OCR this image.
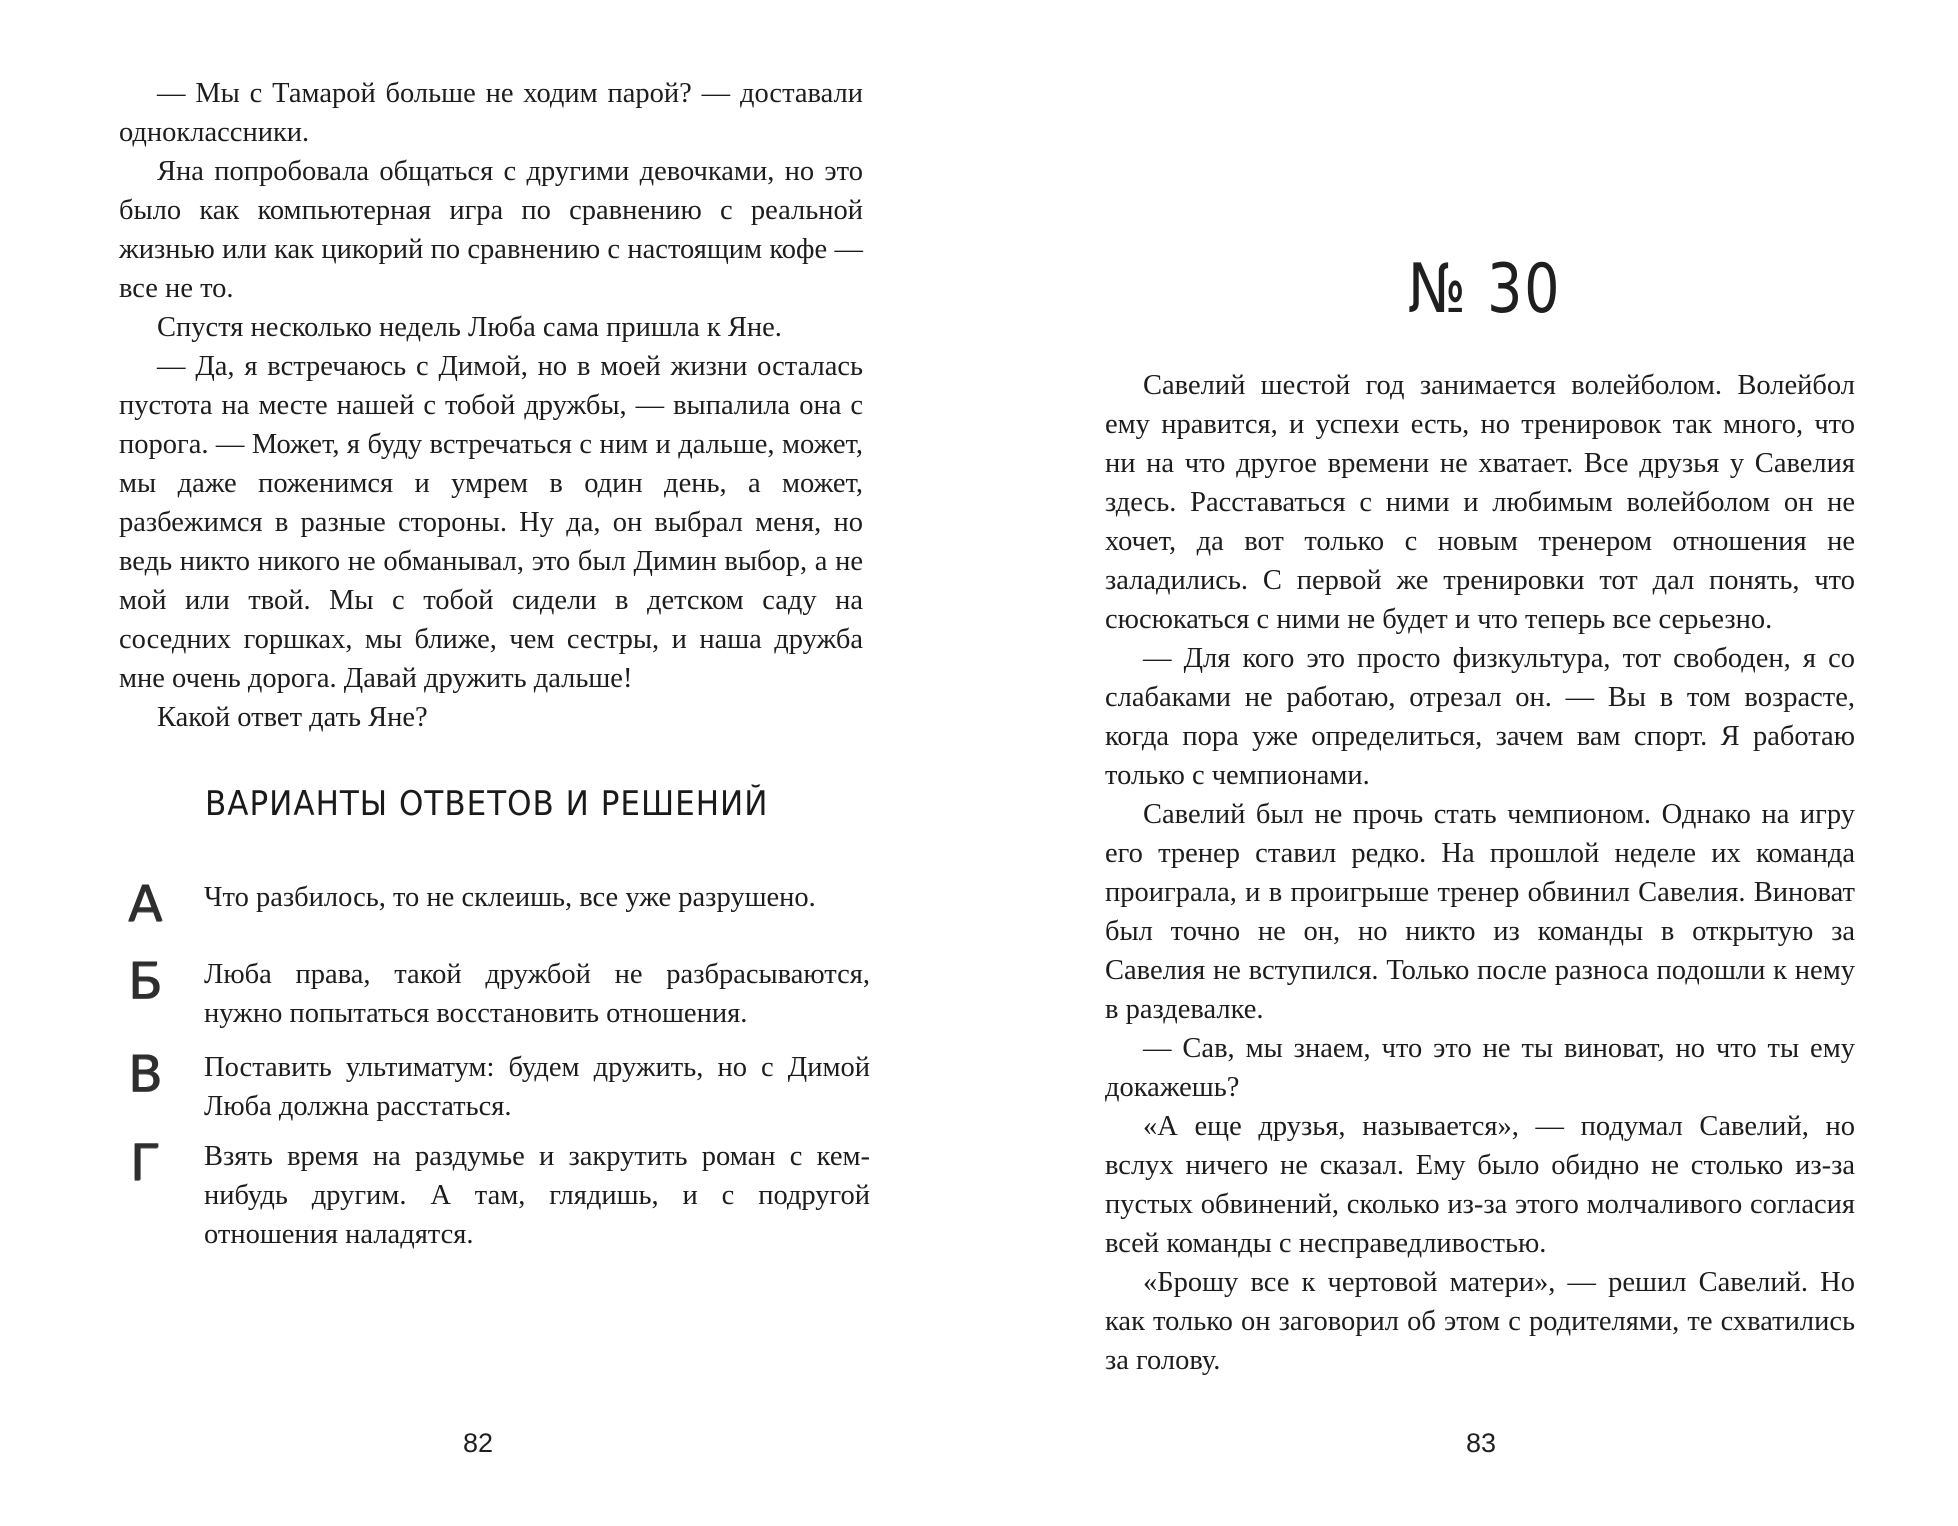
— Мы с Тамарой больше не ходим парой? — доставали одноклассники.

Яна попробовала общаться с другими девочками, но это было как компьютерная игра по сравнению с реальной жизнью или как цикорий по сравнению с настоящим кофе — все не то.

Спустя несколько недель Люба сама пришла к Яне.

— Да, я встречаюсь с Димой, но в моей жизни осталась пустота на месте нашей с тобой дружбы, — выпалила она с порога. — Может, я буду встречаться с ним и дальше, может, мы даже поженимся и умрем в один день, а может, разбежимся в разные стороны. Ну да, он выбрал меня, но ведь никто никого не обманывал, это был Димин выбор, а не мой или твой. Мы с тобой сидели в детском саду на соседних горшках, мы ближе, чем сестры, и наша дружба мне очень дорога. Давай дружить дальше!

Какой ответ дать Яне?

ВАРИАНТЫ ОТВЕТОВ И РЕШЕНИЙ
А	Что разбилось, то не склеишь, все уже разрушено.
Б	Люба права, такой дружбой не разбрасываются, нужно попытаться восстановить отношения.
В	Поставить ультиматум: будем дружить, но с Димой Люба должна расстаться.
Г	Взять время на раздумье и закрутить роман с кем-нибудь другим. А там, глядишь, и с подругой отношения наладятся.
82
№ 30

Савелий шестой год занимается волейболом. Волейбол ему нравится, и успехи есть, но тренировок так много, что ни на что другое времени не хватает. Все друзья у Савелия здесь. Расставаться с ними и любимым волейболом он не хочет, да вот только с новым тренером отношения не заладились. С первой же тренировки тот дал понять, что сюсюкаться с ними не будет и что теперь все серьезно.

— Для кого это просто физкультура, тот свободен, я со слабаками не работаю, отрезал он. — Вы в том возрасте, когда пора уже определиться, зачем вам спорт. Я работаю только с чемпионами.

Савелий был не прочь стать чемпионом. Однако на игру его тренер ставил редко. На прошлой неделе их команда проиграла, и в проигрыше тренер обвинил Савелия. Виноват был точно не он, но никто из команды в открытую за Савелия не вступился. Только после разноса подошли к нему в раздевалке.

— Сав, мы знаем, что это не ты виноват, но что ты ему докажешь?

«А еще друзья, называется», — подумал Савелий, но вслух ничего не сказал. Ему было обидно не столько из-за пустых обвинений, сколько из-за этого молчаливого согласия всей команды с несправедливостью.

«Брошу все к чертовой матери», — решил Савелий. Но как только он заговорил об этом с родителями, те схватились за голову.

83
